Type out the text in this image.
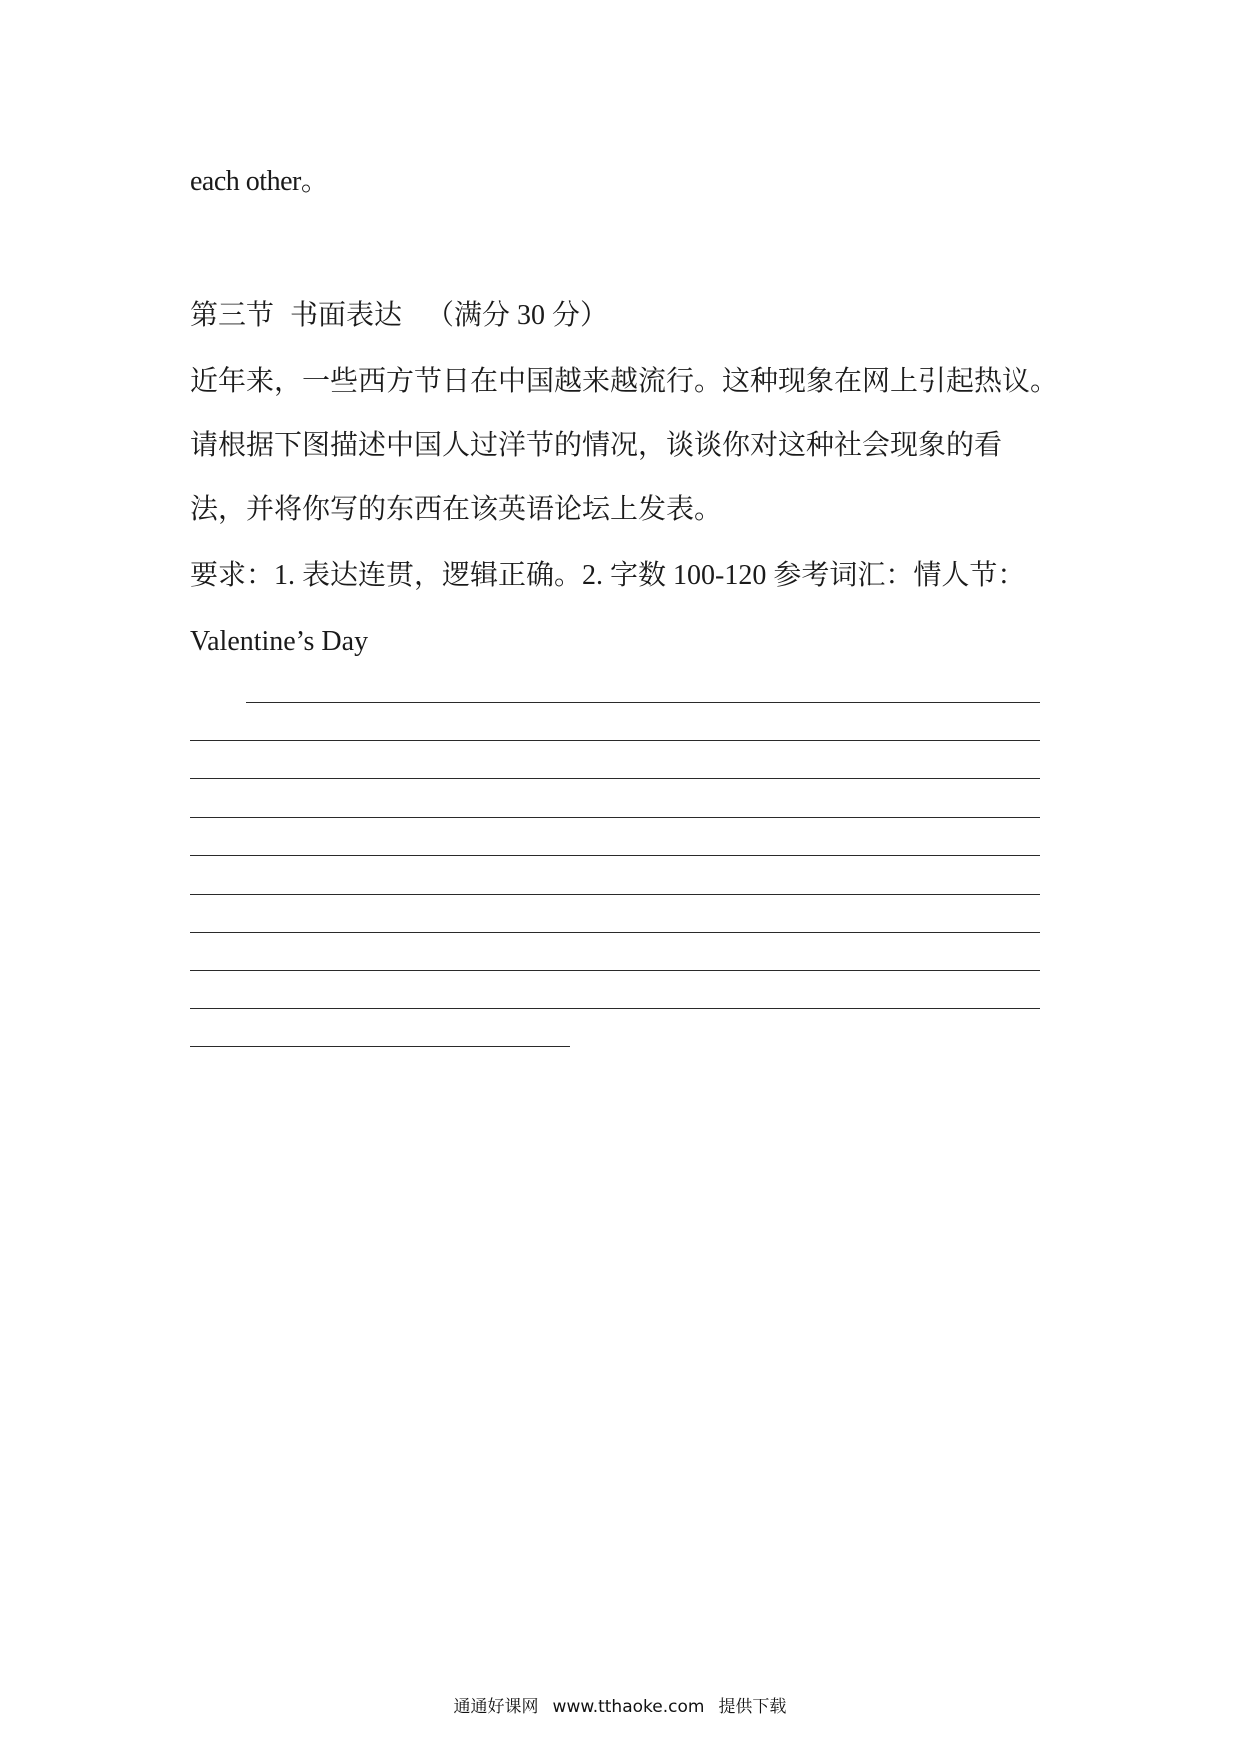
each other。
第三节 书面表达 （满分 30 分）
近年来，一些西方节日在中国越来越流行。这种现象在网上引起热议。
请根据下图描述中国人过洋节的情况，谈谈你对这种社会现象的看
法，并将你写的东西在该英语论坛上发表。
要求：1. 表达连贯，逻辑正确。2. 字数 100-120 参考词汇：情人节：
Valentine’s Day
通通好课网 www.tthaoke.com 提供下载
